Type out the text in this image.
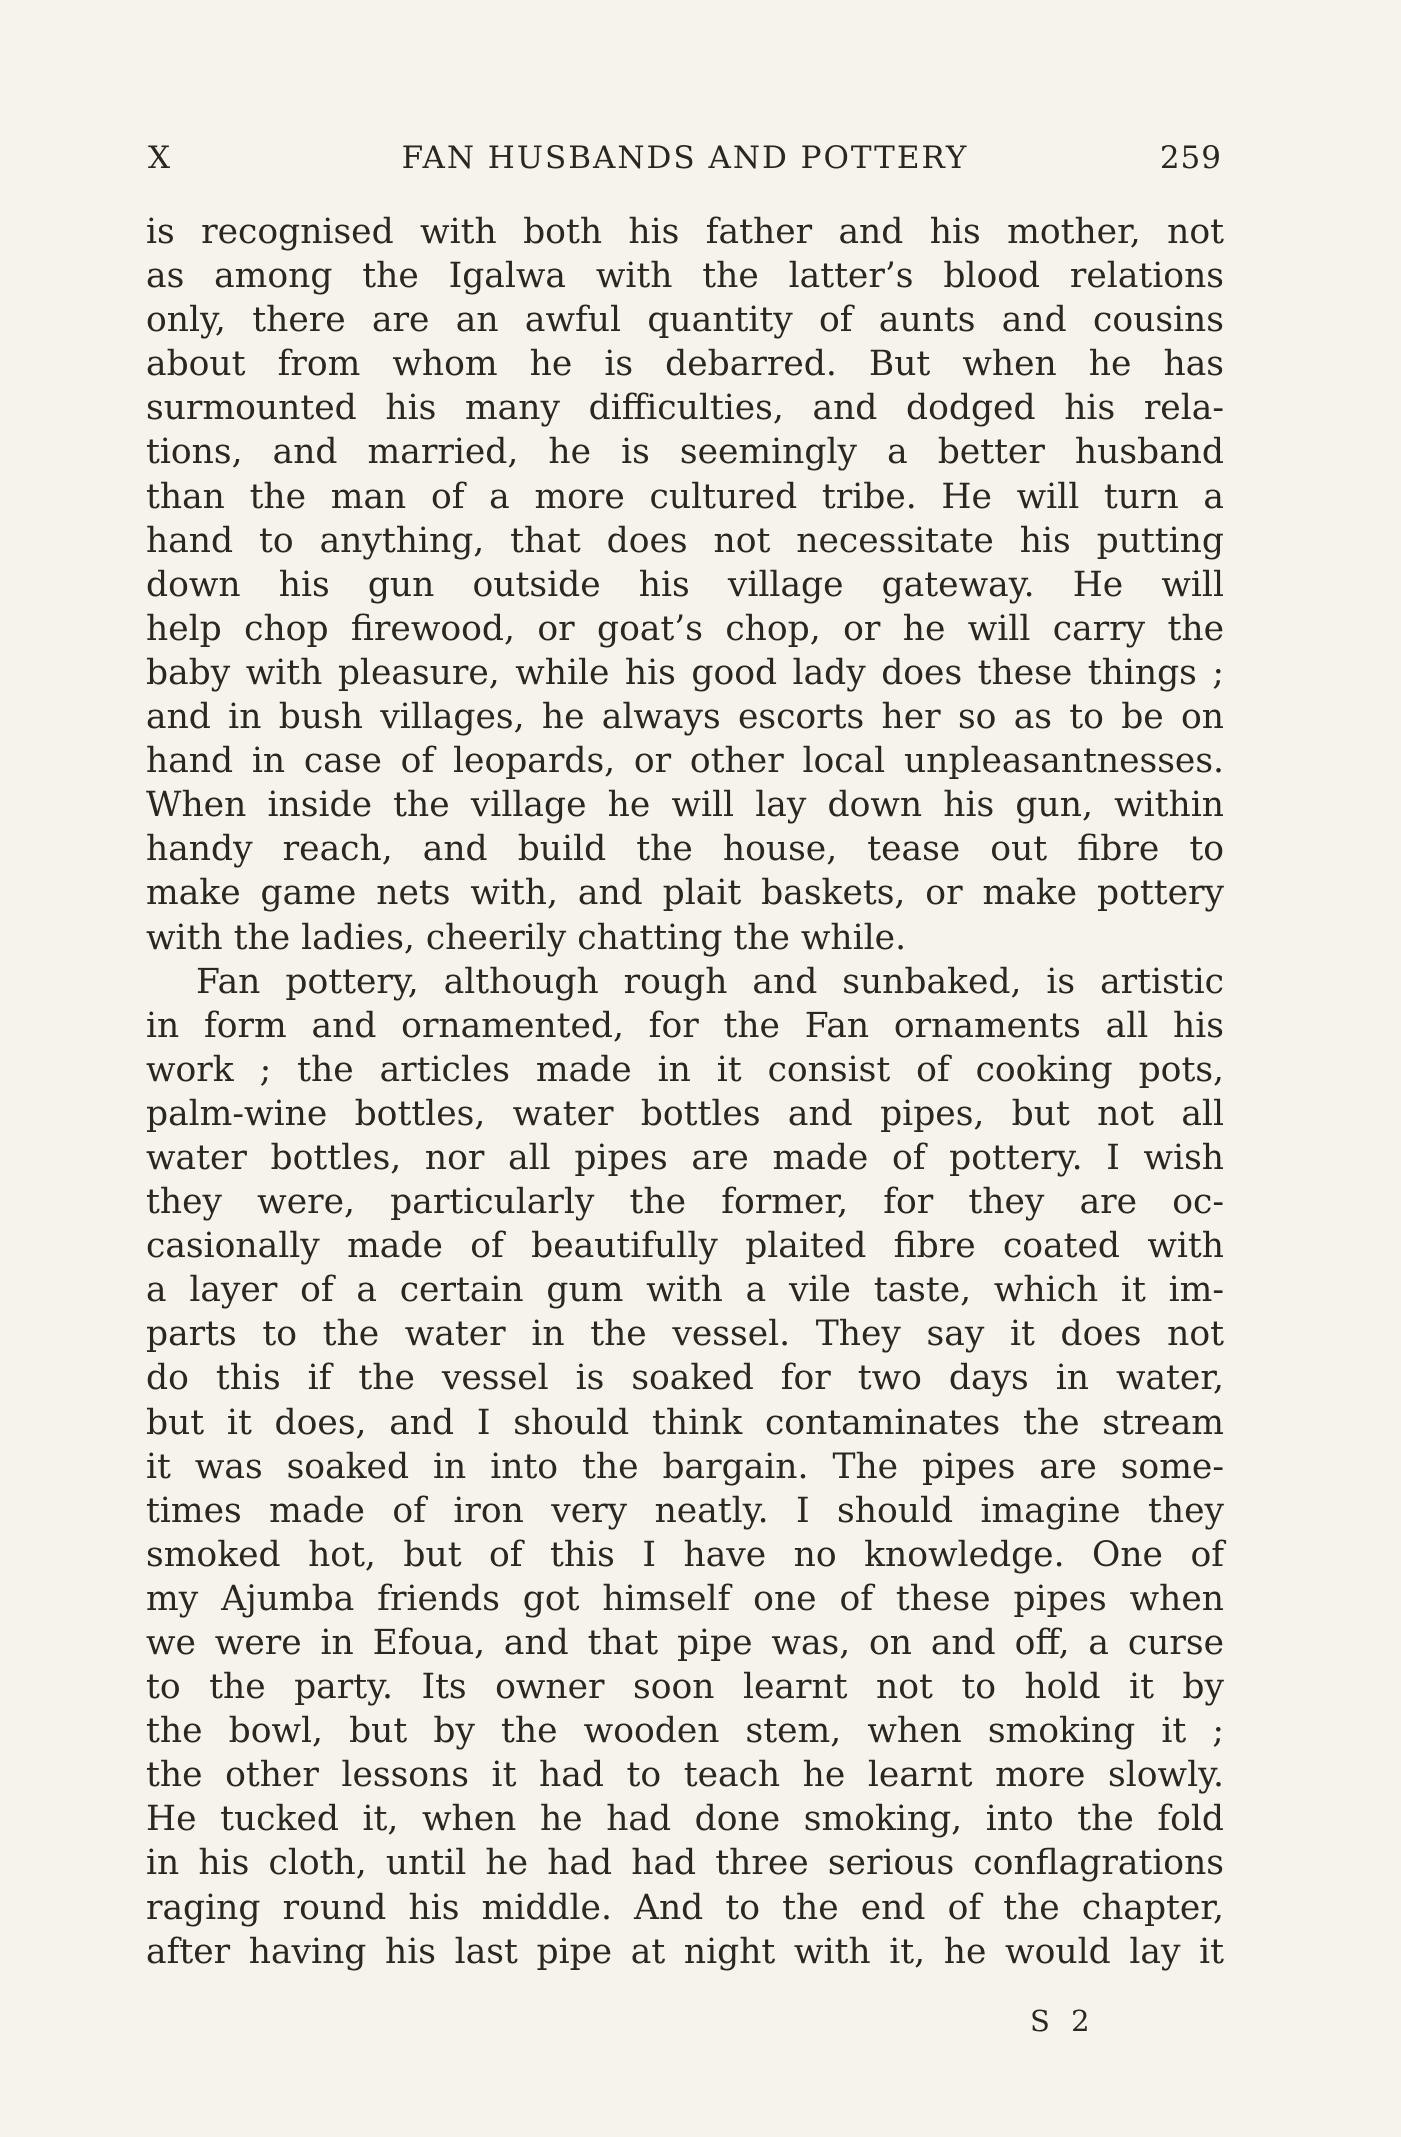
X	FAN HUSBANDS AND POTTERY	259
is recognised with both his father and his mother, not
as among the Igalwa with the latter’s blood relations
only, there are an awful quantity of aunts and cousins
about from whom he is debarred. But when he has
surmounted his many difficulties, and dodged his rela-
tions, and married, he is seemingly a better husband
than the man of a more cultured tribe. He will turn a
hand to anything, that does not necessitate his putting
down his gun outside his village gateway. He will
help chop firewood, or goat’s chop, or he will carry the
baby with pleasure, while his good lady does these things ;
and in bush villages, he always escorts her so as to be on
hand in case of leopards, or other local unpleasantnesses.
When inside the village he will lay down his gun, within
handy reach, and build the house, tease out fibre to
make game nets with, and plait baskets, or make pottery
with the ladies, cheerily chatting the while.
Fan pottery, although rough and sunbaked, is artistic
in form and ornamented, for the Fan ornaments all his
work ; the articles made in it consist of cooking pots,
palm-wine bottles, water bottles and pipes, but not all
water bottles, nor all pipes are made of pottery. I wish
they were, particularly the former, for they are oc-
casionally made of beautifully plaited fibre coated with
a layer of a certain gum with a vile taste, which it im-
parts to the water in the vessel. They say it does not
do this if the vessel is soaked for two days in water,
but it does, and I should think contaminates the stream
it was soaked in into the bargain. The pipes are some-
times made of iron very neatly. I should imagine they
smoked hot, but of this I have no knowledge. One of
my Ajumba friends got himself one of these pipes when
we were in Efoua, and that pipe was, on and off, a curse
to the party. Its owner soon learnt not to hold it by
the bowl, but by the wooden stem, when smoking it ;
the other lessons it had to teach he learnt more slowly.
He tucked it, when he had done smoking, into the fold
in his cloth, until he had had three serious conflagrations
raging round his middle. And to the end of the chapter,
after having his last pipe at night with it, he would lay it
S 2
